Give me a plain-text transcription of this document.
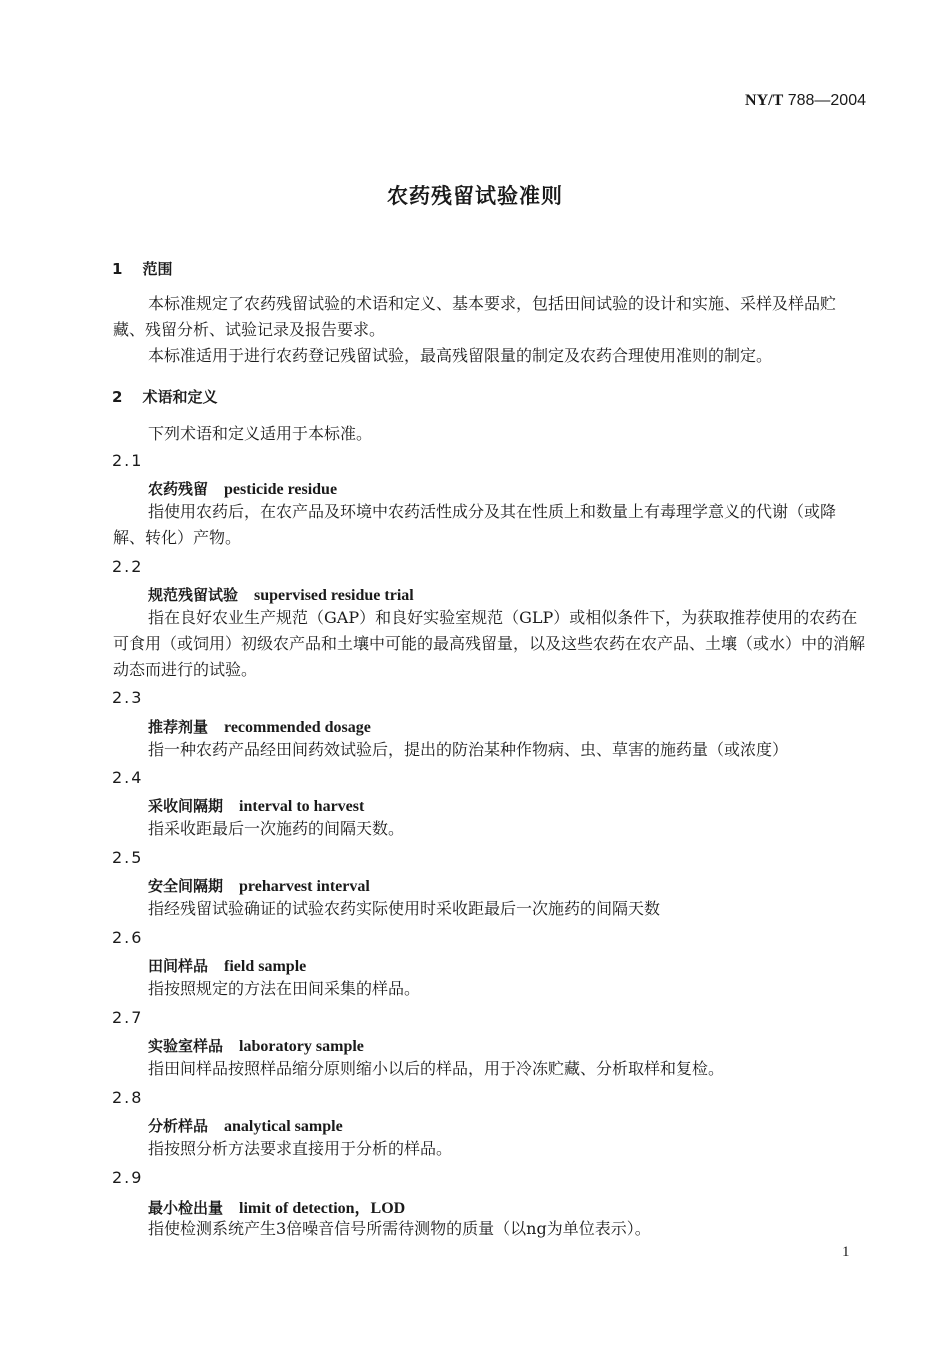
NY/T 788—2004
农药残留试验准则
1 范围
本标准规定了农药残留试验的术语和定义、基本要求，包括田间试验的设计和实施、采样及样品贮
藏、残留分析、试验记录及报告要求。
本标准适用于进行农药登记残留试验，最高残留限量的制定及农药合理使用准则的制定。
2 术语和定义
下列术语和定义适用于本标准。
2.1
农药残留 pesticide residue
指使用农药后，在农产品及环境中农药活性成分及其在性质上和数量上有毒理学意义的代谢（或降
解、转化）产物。
2.2
规范残留试验 supervised residue trial
指在良好农业生产规范（GAP）和良好实验室规范（GLP）或相似条件下，为获取推荐使用的农药在
可食用（或饲用）初级农产品和土壤中可能的最高残留量，以及这些农药在农产品、土壤（或水）中的消解
动态而进行的试验。
2.3
推荐剂量 recommended dosage
指一种农药产品经田间药效试验后，提出的防治某种作物病、虫、草害的施药量（或浓度）
2.4
采收间隔期 interval to harvest
指采收距最后一次施药的间隔天数。
2.5
安全间隔期 preharvest interval
指经残留试验确证的试验农药实际使用时采收距最后一次施药的间隔天数
2.6
田间样品 field sample
指按照规定的方法在田间采集的样品。
2.7
实验室样品 laboratory sample
指田间样品按照样品缩分原则缩小以后的样品，用于冷冻贮藏、分析取样和复检。
2.8
分析样品 analytical sample
指按照分析方法要求直接用于分析的样品。
2.9
最小检出量 limit of detection，LOD
指使检测系统产生3倍噪音信号所需待测物的质量（以ng为单位表示）。
1
